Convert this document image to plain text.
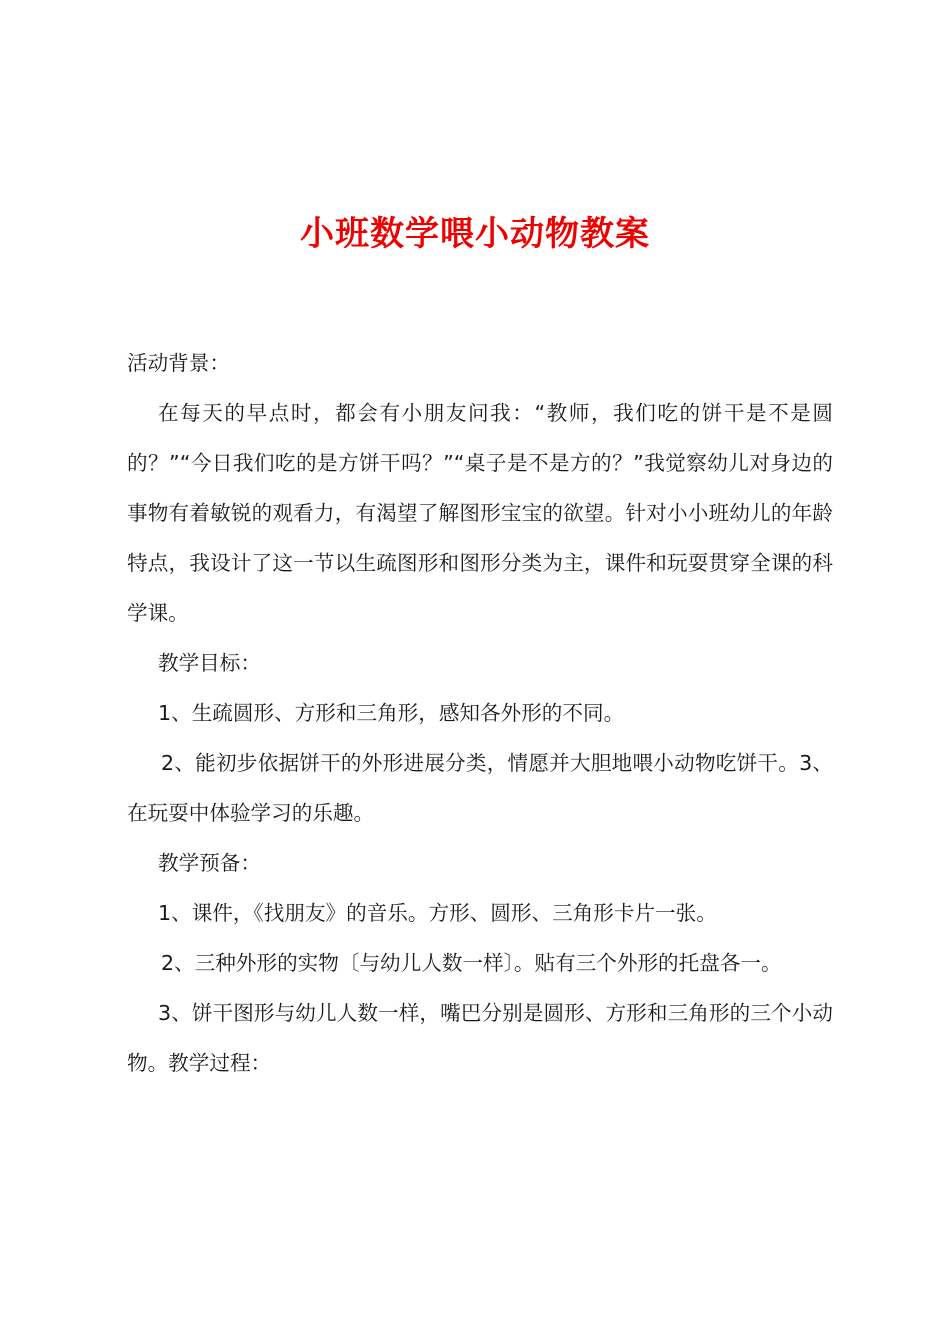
小班数学喂小动物教案

活动背景：

在每天的早点时，都会有小朋友问我：“教师，我们吃的饼干是不是圆的？”“今日我们吃的是方饼干吗？”“桌子是不是方的？”我觉察幼儿对身边的事物有着敏锐的观看力，有渴望了解图形宝宝的欲望。针对小小班幼儿的年龄特点，我设计了这一节以生疏图形和图形分类为主，课件和玩耍贯穿全课的科学课。

教学目标：

1、生疏圆形、方形和三角形，感知各外形的不同。

2、能初步依据饼干的外形进展分类，情愿并大胆地喂小动物吃饼干。3、在玩耍中体验学习的乐趣。

教学预备：

1、课件，《找朋友》的音乐。方形、圆形、三角形卡片一张。

2、三种外形的实物〔与幼儿人数一样〕。贴有三个外形的托盘各一。

3、饼干图形与幼儿人数一样，嘴巴分别是圆形、方形和三角形的三个小动物。教学过程：
